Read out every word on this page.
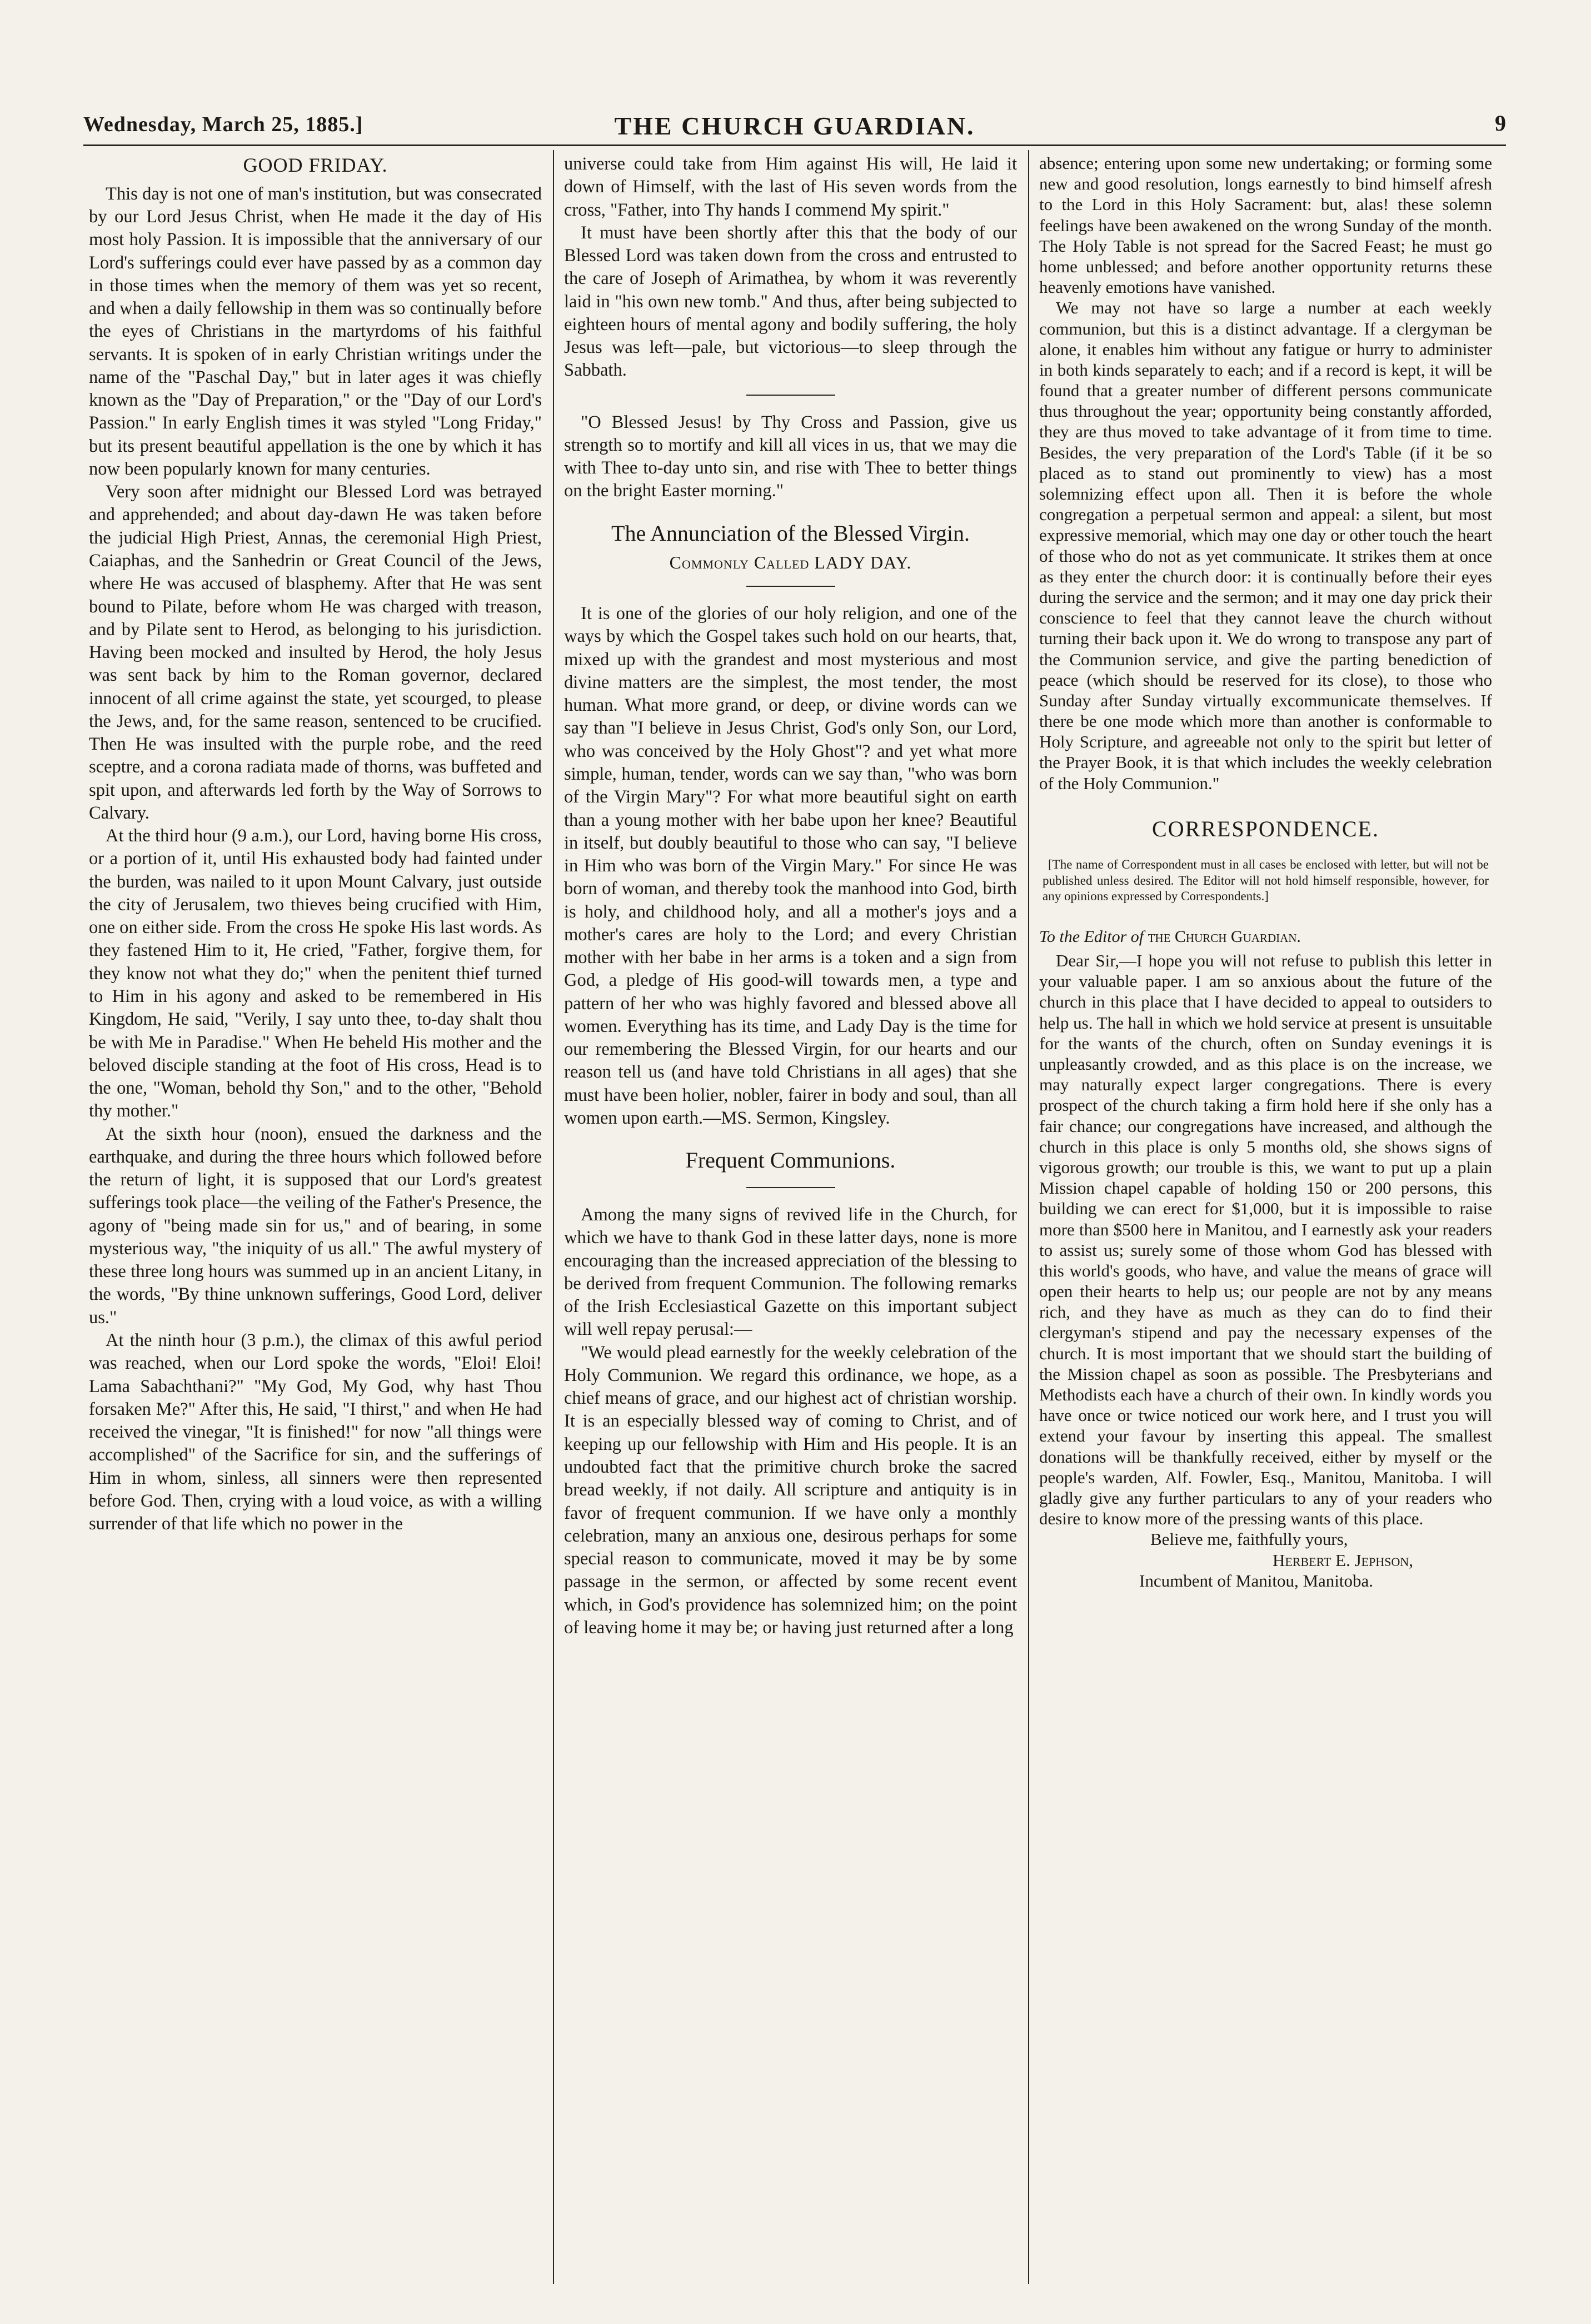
Wednesday, March 25, 1885.]	THE CHURCH GUARDIAN.	9
GOOD FRIDAY.

This day is not one of man's institution, but was consecrated by our Lord Jesus Christ, when He made it the day of His most holy Passion. It is impossible that the anniversary of our Lord's sufferings could ever have passed by as a common day in those times when the memory of them was yet so recent, and when a daily fellowship in them was so continually before the eyes of Christians in the martyrdoms of his faithful servants. It is spoken of in early Christian writings under the name of the "Paschal Day," but in later ages it was chiefly known as the "Day of Preparation," or the "Day of our Lord's Passion." In early English times it was styled "Long Friday," but its present beautiful appellation is the one by which it has now been popularly known for many centuries.

Very soon after midnight our Blessed Lord was betrayed and apprehended; and about day-dawn He was taken before the judicial High Priest, Annas, the ceremonial High Priest, Caiaphas, and the Sanhedrin or Great Council of the Jews, where He was accused of blasphemy. After that He was sent bound to Pilate, before whom He was charged with treason, and by Pilate sent to Herod, as belonging to his jurisdiction. Having been mocked and insulted by Herod, the holy Jesus was sent back by him to the Roman governor, declared innocent of all crime against the state, yet scourged, to please the Jews, and, for the same reason, sentenced to be crucified. Then He was insulted with the purple robe, and the reed sceptre, and a corona radiata made of thorns, was buffeted and spit upon, and afterwards led forth by the Way of Sorrows to Calvary.

At the third hour (9 a.m.), our Lord, having borne His cross, or a portion of it, until His exhausted body had fainted under the burden, was nailed to it upon Mount Calvary, just outside the city of Jerusalem, two thieves being crucified with Him, one on either side. From the cross He spoke His last words. As they fastened Him to it, He cried, "Father, forgive them, for they know not what they do;" when the penitent thief turned to Him in his agony and asked to be remembered in His Kingdom, He said, "Verily, I say unto thee, to-day shalt thou be with Me in Paradise." When He beheld His mother and the beloved disciple standing at the foot of His cross, Head is to the one, "Woman, behold thy Son," and to the other, "Behold thy mother."

At the sixth hour (noon), ensued the darkness and the earthquake, and during the three hours which followed before the return of light, it is supposed that our Lord's greatest sufferings took place—the veiling of the Father's Presence, the agony of "being made sin for us," and of bearing, in some mysterious way, "the iniquity of us all." The awful mystery of these three long hours was summed up in an ancient Litany, in the words, "By thine unknown sufferings, Good Lord, deliver us."

At the ninth hour (3 p.m.), the climax of this awful period was reached, when our Lord spoke the words, "Eloi! Eloi! Lama Sabachthani?" "My God, My God, why hast Thou forsaken Me?" After this, He said, "I thirst," and when He had received the vinegar, "It is finished!" for now "all things were accomplished" of the Sacrifice for sin, and the sufferings of Him in whom, sinless, all sinners were then represented before God. Then, crying with a loud voice, as with a willing surrender of that life which no power in the

universe could take from Him against His will, He laid it down of Himself, with the last of His seven words from the cross, "Father, into Thy hands I commend My spirit."

It must have been shortly after this that the body of our Blessed Lord was taken down from the cross and entrusted to the care of Joseph of Arimathea, by whom it was reverently laid in "his own new tomb." And thus, after being subjected to eighteen hours of mental agony and bodily suffering, the holy Jesus was left—pale, but victorious—to sleep through the Sabbath.

"O Blessed Jesus! by Thy Cross and Passion, give us strength so to mortify and kill all vices in us, that we may die with Thee to-day unto sin, and rise with Thee to better things on the bright Easter morning."

The Annunciation of the Blessed Virgin.
Commonly Called LADY DAY.

It is one of the glories of our holy religion, and one of the ways by which the Gospel takes such hold on our hearts, that, mixed up with the grandest and most mysterious and most divine matters are the simplest, the most tender, the most human. What more grand, or deep, or divine words can we say than "I believe in Jesus Christ, God's only Son, our Lord, who was conceived by the Holy Ghost"? and yet what more simple, human, tender, words can we say than, "who was born of the Virgin Mary"? For what more beautiful sight on earth than a young mother with her babe upon her knee? Beautiful in itself, but doubly beautiful to those who can say, "I believe in Him who was born of the Virgin Mary." For since He was born of woman, and thereby took the manhood into God, birth is holy, and childhood holy, and all a mother's joys and a mother's cares are holy to the Lord; and every Christian mother with her babe in her arms is a token and a sign from God, a pledge of His good-will towards men, a type and pattern of her who was highly favored and blessed above all women. Everything has its time, and Lady Day is the time for our remembering the Blessed Virgin, for our hearts and our reason tell us (and have told Christians in all ages) that she must have been holier, nobler, fairer in body and soul, than all women upon earth.—MS. Sermon, Kingsley.

Frequent Communions.

Among the many signs of revived life in the Church, for which we have to thank God in these latter days, none is more encouraging than the increased appreciation of the blessing to be derived from frequent Communion. The following remarks of the Irish Ecclesiastical Gazette on this important subject will well repay perusal:—

"We would plead earnestly for the weekly celebration of the Holy Communion. We regard this ordinance, we hope, as a chief means of grace, and our highest act of christian worship. It is an especially blessed way of coming to Christ, and of keeping up our fellowship with Him and His people. It is an undoubted fact that the primitive church broke the sacred bread weekly, if not daily. All scripture and antiquity is in favor of frequent communion. If we have only a monthly celebration, many an anxious one, desirous perhaps for some special reason to communicate, moved it may be by some passage in the sermon, or affected by some recent event which, in God's providence has solemnized him; on the point of leaving home it may be; or having just returned after a long

absence; entering upon some new undertaking; or forming some new and good resolution, longs earnestly to bind himself afresh to the Lord in this Holy Sacrament: but, alas! these solemn feelings have been awakened on the wrong Sunday of the month. The Holy Table is not spread for the Sacred Feast; he must go home unblessed; and before another opportunity returns these heavenly emotions have vanished.

We may not have so large a number at each weekly communion, but this is a distinct advantage. If a clergyman be alone, it enables him without any fatigue or hurry to administer in both kinds separately to each; and if a record is kept, it will be found that a greater number of different persons communicate thus throughout the year; opportunity being constantly afforded, they are thus moved to take advantage of it from time to time. Besides, the very preparation of the Lord's Table (if it be so placed as to stand out prominently to view) has a most solemnizing effect upon all. Then it is before the whole congregation a perpetual sermon and appeal: a silent, but most expressive memorial, which may one day or other touch the heart of those who do not as yet communicate. It strikes them at once as they enter the church door: it is continually before their eyes during the service and the sermon; and it may one day prick their conscience to feel that they cannot leave the church without turning their back upon it. We do wrong to transpose any part of the Communion service, and give the parting benediction of peace (which should be reserved for its close), to those who Sunday after Sunday virtually excommunicate themselves. If there be one mode which more than another is conformable to Holy Scripture, and agreeable not only to the spirit but letter of the Prayer Book, it is that which includes the weekly celebration of the Holy Communion."

CORRESPONDENCE.

[The name of Correspondent must in all cases be enclosed with letter, but will not be published unless desired. The Editor will not hold himself responsible, however, for any opinions expressed by Correspondents.]

To the Editor of the Church Guardian.

Dear Sir,—I hope you will not refuse to publish this letter in your valuable paper. I am so anxious about the future of the church in this place that I have decided to appeal to outsiders to help us. The hall in which we hold service at present is unsuitable for the wants of the church, often on Sunday evenings it is unpleasantly crowded, and as this place is on the increase, we may naturally expect larger congregations. There is every prospect of the church taking a firm hold here if she only has a fair chance; our congregations have increased, and although the church in this place is only 5 months old, she shows signs of vigorous growth; our trouble is this, we want to put up a plain Mission chapel capable of holding 150 or 200 persons, this building we can erect for $1,000, but it is impossible to raise more than $500 here in Manitou, and I earnestly ask your readers to assist us; surely some of those whom God has blessed with this world's goods, who have, and value the means of grace will open their hearts to help us; our people are not by any means rich, and they have as much as they can do to find their clergyman's stipend and pay the necessary expenses of the church. It is most important that we should start the building of the Mission chapel as soon as possible. The Presbyterians and Methodists each have a church of their own. In kindly words you have once or twice noticed our work here, and I trust you will extend your favour by inserting this appeal. The smallest donations will be thankfully received, either by myself or the people's warden, Alf. Fowler, Esq., Manitou, Manitoba. I will gladly give any further particulars to any of your readers who desire to know more of the pressing wants of this place.

Believe me, faithfully yours,

Herbert E. Jephson,

Incumbent of Manitou, Manitoba.
